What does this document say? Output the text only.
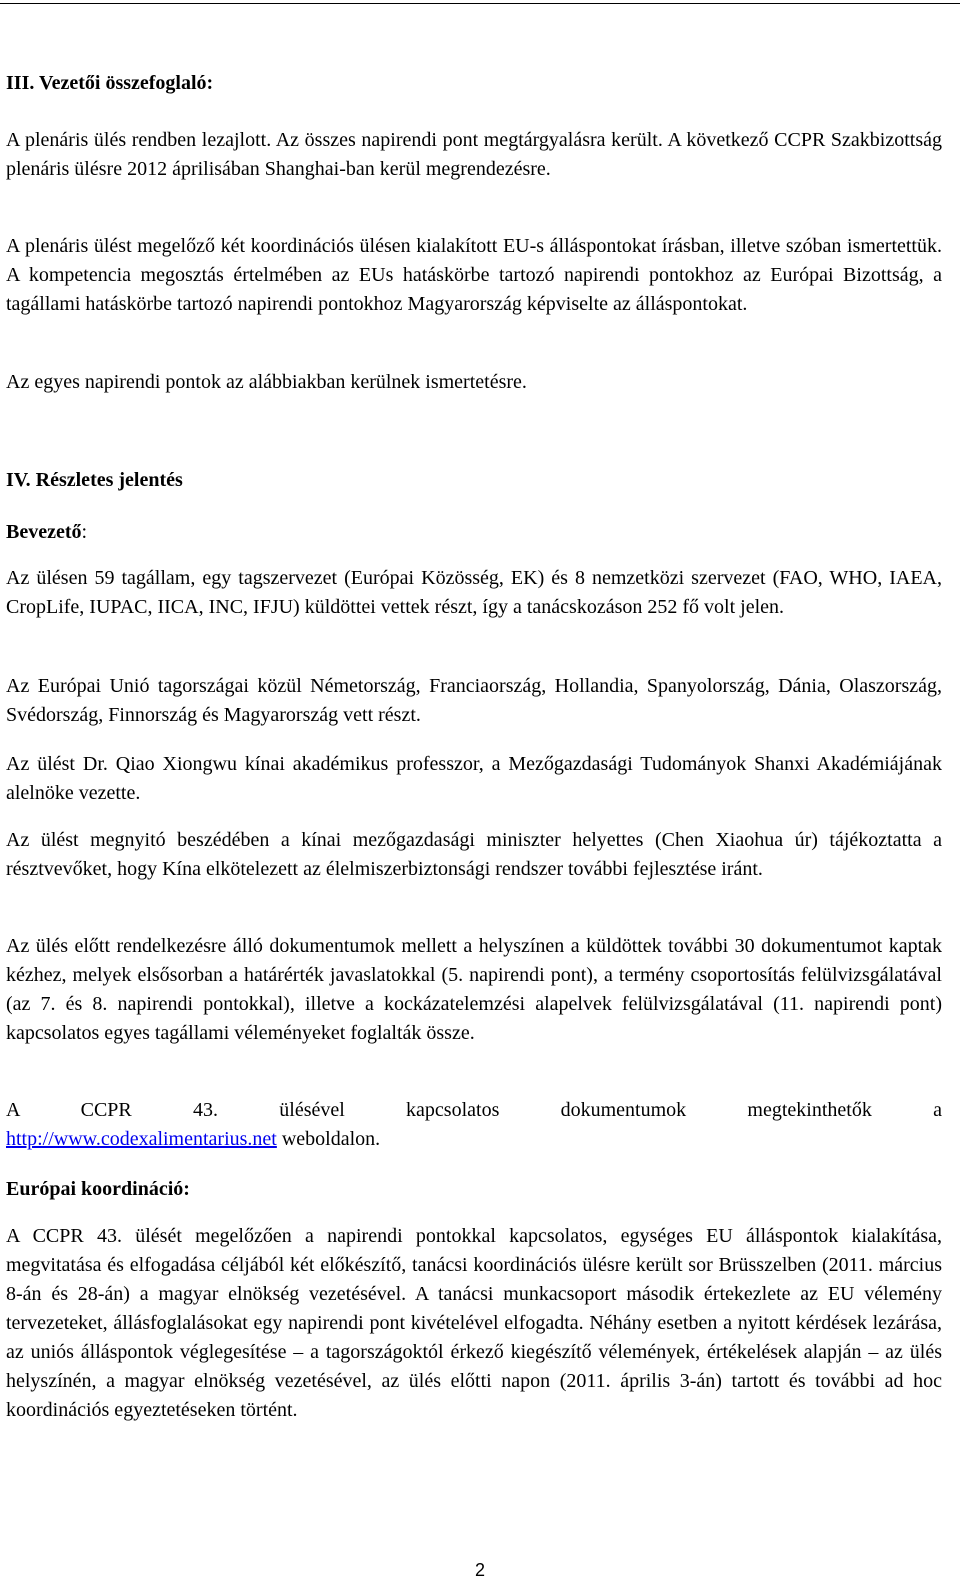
III. Vezetői összefoglaló:

A plenáris ülés rendben lezajlott. Az összes napirendi pont megtárgyalásra került. A következő CCPR Szakbizottság plenáris ülésre 2012 áprilisában Shanghai-ban kerül megrendezésre.

A plenáris ülést megelőző két koordinációs ülésen kialakított EU-s álláspontokat írásban, illetve szóban ismertettük. A kompetencia megosztás értelmében az EUs hatáskörbe tartozó napirendi pontokhoz az Európai Bizottság, a tagállami hatáskörbe tartozó napirendi pontokhoz Magyarország képviselte az álláspontokat.

Az egyes napirendi pontok az alábbiakban kerülnek ismertetésre.

IV. Részletes jelentés

Bevezető:

Az ülésen 59 tagállam, egy tagszervezet (Európai Közösség, EK) és 8 nemzetközi szervezet (FAO, WHO, IAEA, CropLife, IUPAC, IICA, INC, IFJU) küldöttei vettek részt, így a tanácskozáson 252 fő volt jelen.

Az Európai Unió tagországai közül Németország, Franciaország, Hollandia, Spanyolország, Dánia, Olaszország, Svédország, Finnország és Magyarország vett részt.

Az ülést Dr. Qiao Xiongwu kínai akadémikus professzor, a Mezőgazdasági Tudományok Shanxi Akadémiájának alelnöke vezette.

Az ülést megnyitó beszédében a kínai mezőgazdasági miniszter helyettes (Chen Xiaohua úr) tájékoztatta a résztvevőket, hogy Kína elkötelezett az élelmiszerbiztonsági rendszer további fejlesztése iránt.

Az ülés előtt rendelkezésre álló dokumentumok mellett a helyszínen a küldöttek további 30 dokumentumot kaptak kézhez, melyek elsősorban a határérték javaslatokkal (5. napirendi pont), a termény csoportosítás felülvizsgálatával (az 7. és 8. napirendi pontokkal), illetve a kockázatelemzési alapelvek felülvizsgálatával (11. napirendi pont) kapcsolatos egyes tagállami véleményeket foglalták össze.

A CCPR 43. ülésével kapcsolatos dokumentumok megtekinthetők a

http://www.codexalimentarius.net weboldalon.

Európai koordináció:

A CCPR 43. ülését megelőzően a napirendi pontokkal kapcsolatos, egységes EU álláspontok kialakítása, megvitatása és elfogadása céljából két előkészítő, tanácsi koordinációs ülésre került sor Brüsszelben (2011. március 8-án és 28-án) a magyar elnökség vezetésével. A tanácsi munkacsoport második értekezlete az EU vélemény tervezeteket, állásfoglalásokat egy napirendi pont kivételével elfogadta. Néhány esetben a nyitott kérdések lezárása, az uniós álláspontok véglegesítése – a tagországoktól érkező kiegészítő vélemények, értékelések alapján – az ülés helyszínén, a magyar elnökség vezetésével, az ülés előtti napon (2011. április 3-án) tartott és további ad hoc koordinációs egyeztetéseken történt.

2
